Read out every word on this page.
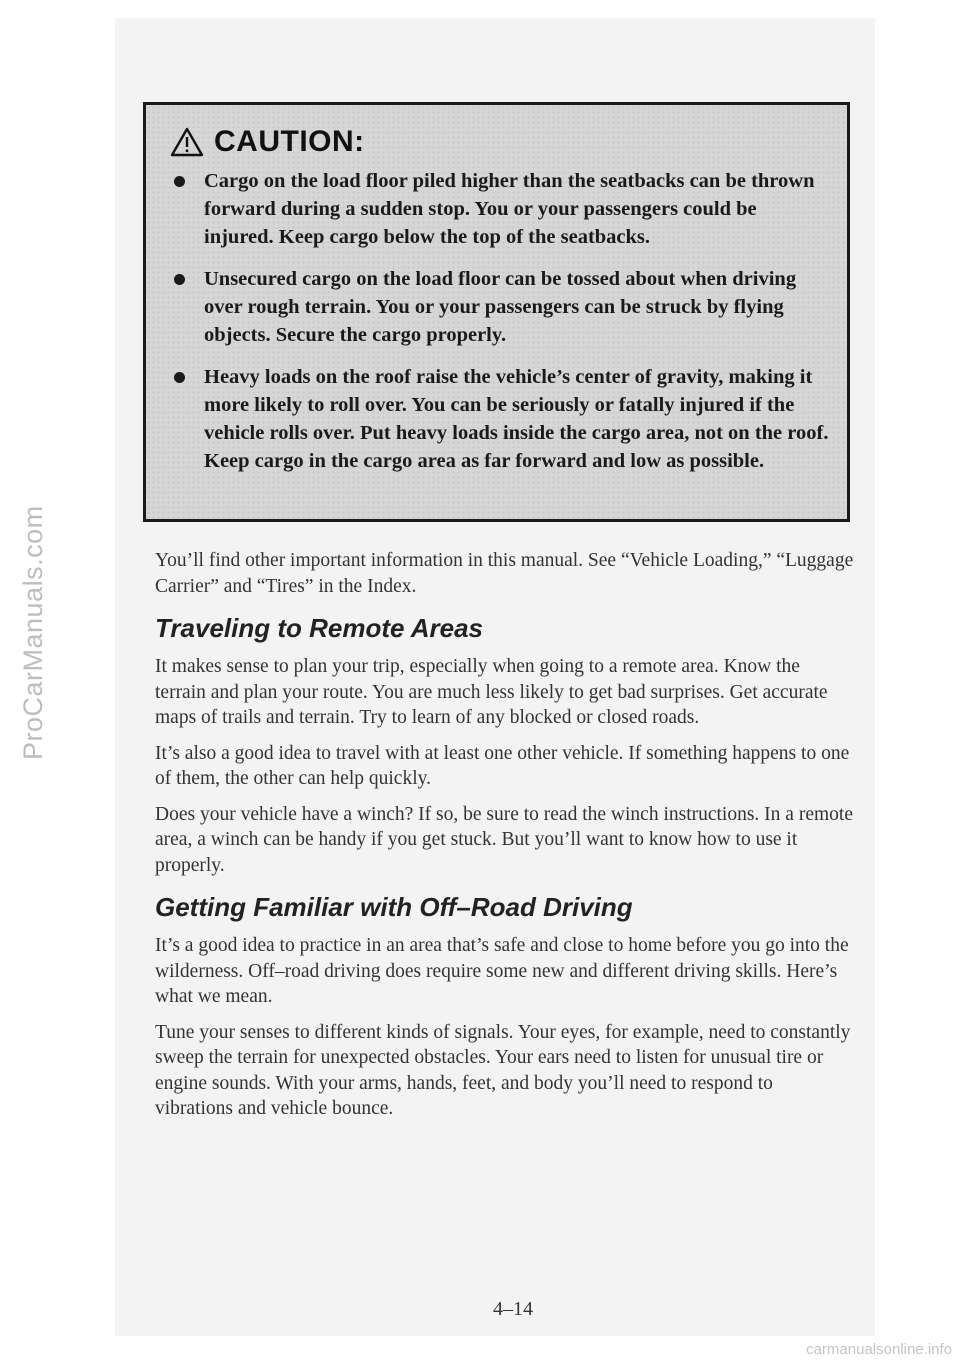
ProCarManuals.com
CAUTION:
Cargo on the load floor piled higher than the seatbacks can be thrown forward during a sudden stop. You or your passengers could be injured. Keep cargo below the top of the seatbacks.
Unsecured cargo on the load floor can be tossed about when driving over rough terrain. You or your passengers can be struck by flying objects. Secure the cargo properly.
Heavy loads on the roof raise the vehicle’s center of gravity, making it more likely to roll over. You can be seriously or fatally injured if the vehicle rolls over. Put heavy loads inside the cargo area, not on the roof. Keep cargo in the cargo area as far forward and low as possible.

You’ll find other important information in this manual. See “Vehicle Loading,” “Luggage Carrier” and “Tires” in the Index.

Traveling to Remote Areas

It makes sense to plan your trip, especially when going to a remote area. Know the terrain and plan your route. You are much less likely to get bad surprises. Get accurate maps of trails and terrain. Try to learn of any blocked or closed roads.

It’s also a good idea to travel with at least one other vehicle. If something happens to one of them, the other can help quickly.

Does your vehicle have a winch? If so, be sure to read the winch instructions. In a remote area, a winch can be handy if you get stuck. But you’ll want to know how to use it properly.

Getting Familiar with Off–Road Driving

It’s a good idea to practice in an area that’s safe and close to home before you go into the wilderness. Off–road driving does require some new and different driving skills. Here’s what we mean.

Tune your senses to different kinds of signals. Your eyes, for example, need to constantly sweep the terrain for unexpected obstacles. Your ears need to listen for unusual tire or engine sounds. With your arms, hands, feet, and body you’ll need to respond to vibrations and vehicle bounce.

4–14
carmanualsonline.info
